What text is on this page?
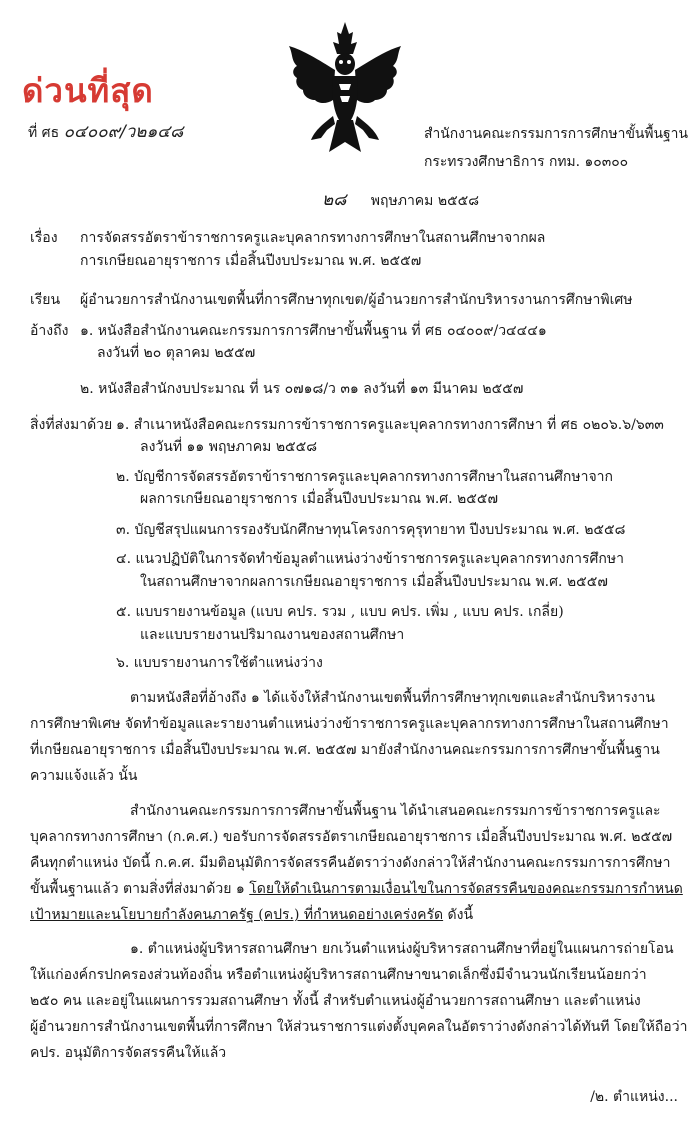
ด่วนที่สุด
ที่ ศธ ๐๔๐๐๙/ว๒๑๔๘	สำนักงานคณะกรรมการการศึกษาขั้นพื้นฐาน
กระทรวงศึกษาธิการ กทม. ๑๐๓๐๐
๒๘ พฤษภาคม ๒๕๕๘
เรื่อง การจัดสรรอัตราข้าราชการครูและบุคลากรทางการศึกษาในสถานศึกษาจากผล
การเกษียณอายุราชการ เมื่อสิ้นปีงบประมาณ พ.ศ. ๒๕๕๗
เรียน ผู้อำนวยการสำนักงานเขตพื้นที่การศึกษาทุกเขต/ผู้อำนวยการสำนักบริหารงานการศึกษาพิเศษ
อ้างถึง ๑. หนังสือสำนักงานคณะกรรมการการศึกษาขั้นพื้นฐาน ที่ ศธ ๐๔๐๐๙/ว๔๔๔๑
ลงวันที่ ๒๐ ตุลาคม ๒๕๕๗
๒. หนังสือสำนักงบประมาณ ที่ นร ๐๗๑๘/ว ๓๑ ลงวันที่ ๑๓ มีนาคม ๒๕๕๗
สิ่งที่ส่งมาด้วย ๑. สำเนาหนังสือคณะกรรมการข้าราชการครูและบุคลากรทางการศึกษา ที่ ศธ ๐๒๐๖.๖/๖๓๓
ลงวันที่ ๑๑ พฤษภาคม ๒๕๕๘
๒. บัญชีการจัดสรรอัตราข้าราชการครูและบุคลากรทางการศึกษาในสถานศึกษาจาก
ผลการเกษียณอายุราชการ เมื่อสิ้นปีงบประมาณ พ.ศ. ๒๕๕๗
๓. บัญชีสรุปแผนการรองรับนักศึกษาทุนโครงการคุรุทายาท ปีงบประมาณ พ.ศ. ๒๕๕๘
๔. แนวปฏิบัติในการจัดทำข้อมูลตำแหน่งว่างข้าราชการครูและบุคลากรทางการศึกษา
ในสถานศึกษาจากผลการเกษียณอายุราชการ เมื่อสิ้นปีงบประมาณ พ.ศ. ๒๕๕๗
๕. แบบรายงานข้อมูล (แบบ คปร. รวม , แบบ คปร. เพิ่ม , แบบ คปร. เกลี่ย)
และแบบรายงานปริมาณงานของสถานศึกษา
๖. แบบรายงานการใช้ตำแหน่งว่าง
ตามหนังสือที่อ้างถึง ๑ ได้แจ้งให้สำนักงานเขตพื้นที่การศึกษาทุกเขตและสำนักบริหารงาน
การศึกษาพิเศษ จัดทำข้อมูลและรายงานตำแหน่งว่างข้าราชการครูและบุคลากรทางการศึกษาในสถานศึกษา
ที่เกษียณอายุราชการ เมื่อสิ้นปีงบประมาณ พ.ศ. ๒๕๕๗ มายังสำนักงานคณะกรรมการการศึกษาขั้นพื้นฐาน
ความแจ้งแล้ว นั้น
สำนักงานคณะกรรมการการศึกษาขั้นพื้นฐาน ได้นำเสนอคณะกรรมการข้าราชการครูและ
บุคลากรทางการศึกษา (ก.ค.ศ.) ขอรับการจัดสรรอัตราเกษียณอายุราชการ เมื่อสิ้นปีงบประมาณ พ.ศ. ๒๕๕๗
คืนทุกตำแหน่ง บัดนี้ ก.ค.ศ. มีมติอนุมัติการจัดสรรคืนอัตราว่างดังกล่าวให้สำนักงานคณะกรรมการการศึกษา
ขั้นพื้นฐานแล้ว ตามสิ่งที่ส่งมาด้วย ๑ โดยให้ดำเนินการตามเงื่อนไขในการจัดสรรคืนของคณะกรรมการกำหนด
เป้าหมายและนโยบายกำลังคนภาครัฐ (คปร.) ที่กำหนดอย่างเคร่งครัด ดังนี้
๑. ตำแหน่งผู้บริหารสถานศึกษา ยกเว้นตำแหน่งผู้บริหารสถานศึกษาที่อยู่ในแผนการถ่ายโอน
ให้แก่องค์กรปกครองส่วนท้องถิ่น หรือตำแหน่งผู้บริหารสถานศึกษาขนาดเล็กซึ่งมีจำนวนนักเรียนน้อยกว่า
๒๕๐ คน และอยู่ในแผนการรวมสถานศึกษา ทั้งนี้ สำหรับตำแหน่งผู้อำนวยการสถานศึกษา และตำแหน่ง
ผู้อำนวยการสำนักงานเขตพื้นที่การศึกษา ให้ส่วนราชการแต่งตั้งบุคคลในอัตราว่างดังกล่าวได้ทันที โดยให้ถือว่า
คปร. อนุมัติการจัดสรรคืนให้แล้ว
/๒. ตำแหน่ง...
